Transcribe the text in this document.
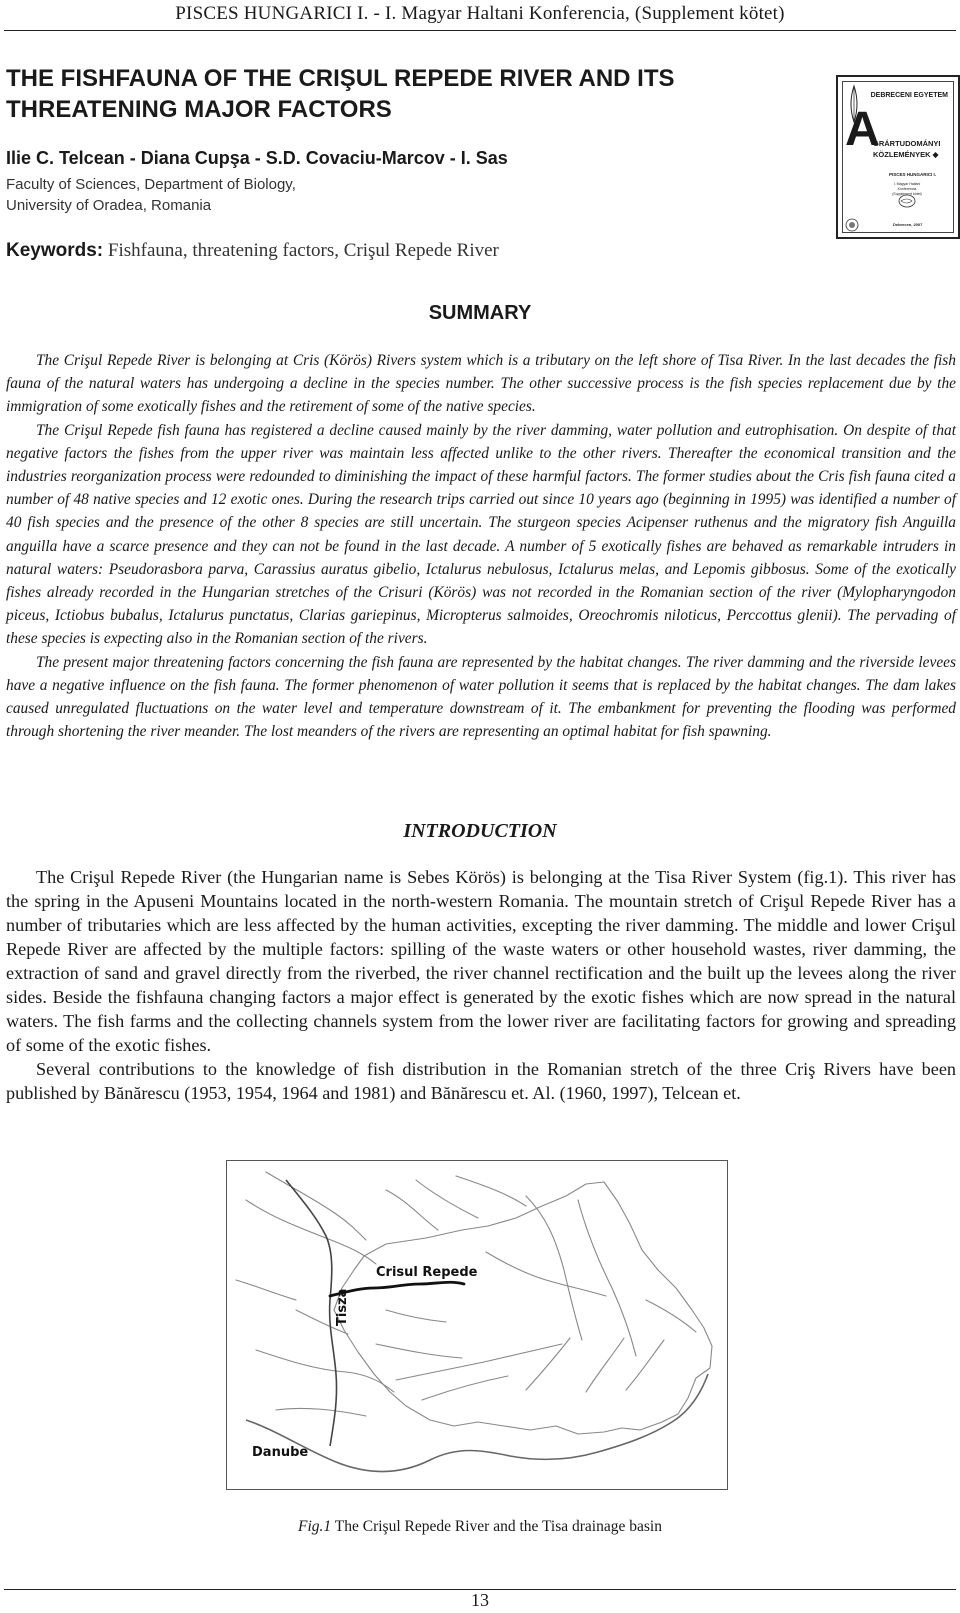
PISCES HUNGARICI I. - I. Magyar Haltani Konferencia, (Supplement kötet)
THE FISHFAUNA OF THE CRIŞUL REPEDE RIVER AND ITS THREATENING MAJOR FACTORS
Ilie C. Telcean - Diana Cupşa - S.D. Covaciu-Marcov - I. Sas
Faculty of Sciences, Department of Biology,
University of Oradea, Romania
Keywords: Fishfauna, threatening factors, Crişul Repede River
DEBRECENI EGYETEM
A
GRÁRTUDOMÁNYI
KÖZLEMÉNYEK ◆
PISCES HUNGARICI I.
I. Magyar Haltani Konferencia
(Supplement kötet)
Debrecen, 2007
SUMMARY

The Crişul Repede River is belonging at Cris (Körös) Rivers system which is a tributary on the left shore of Tisa River. In the last decades the fish fauna of the natural waters has undergoing a decline in the species number. The other successive process is the fish species replacement due by the immigration of some exotically fishes and the retirement of some of the native species.

The Crişul Repede fish fauna has registered a decline caused mainly by the river damming, water pollution and eutrophisation. On despite of that negative factors the fishes from the upper river was maintain less affected unlike to the other rivers. Thereafter the economical transition and the industries reorganization process were redounded to diminishing the impact of these harmful factors. The former studies about the Cris fish fauna cited a number of 48 native species and 12 exotic ones. During the research trips carried out since 10 years ago (beginning in 1995) was identified a number of 40 fish species and the presence of the other 8 species are still uncertain. The sturgeon species Acipenser ruthenus and the migratory fish Anguilla anguilla have a scarce presence and they can not be found in the last decade. A number of 5 exotically fishes are behaved as remarkable intruders in natural waters: Pseudorasbora parva, Carassius auratus gibelio, Ictalurus nebulosus, Ictalurus melas, and Lepomis gibbosus. Some of the exotically fishes already recorded in the Hungarian stretches of the Crisuri (Körös) was not recorded in the Romanian section of the river (Mylopharyngodon piceus, Ictiobus bubalus, Ictalurus punctatus, Clarias gariepinus, Micropterus salmoides, Oreochromis niloticus, Perccottus glenii). The pervading of these species is expecting also in the Romanian section of the rivers.

The present major threatening factors concerning the fish fauna are represented by the habitat changes. The river damming and the riverside levees have a negative influence on the fish fauna. The former phenomenon of water pollution it seems that is replaced by the habitat changes. The dam lakes caused unregulated fluctuations on the water level and temperature downstream of it. The embankment for preventing the flooding was performed through shortening the river meander. The lost meanders of the rivers are representing an optimal habitat for fish spawning.

INTRODUCTION

The Crişul Repede River (the Hungarian name is Sebes Körös) is belonging at the Tisa River System (fig.1). This river has the spring in the Apuseni Mountains located in the north-western Romania. The mountain stretch of Crişul Repede River has a number of tributaries which are less affected by the human activities, excepting the river damming. The middle and lower Crişul Repede River are affected by the multiple factors: spilling of the waste waters or other household wastes, river damming, the extraction of sand and gravel directly from the riverbed, the river channel rectification and the built up the levees along the river sides. Beside the fishfauna changing factors a major effect is generated by the exotic fishes which are now spread in the natural waters. The fish farms and the collecting channels system from the lower river are facilitating factors for growing and spreading of some of the exotic fishes.

Several contributions to the knowledge of fish distribution in the Romanian stretch of the three Criş Rivers have been published by Bănărescu (1953, 1954, 1964 and 1981) and Bănărescu et. Al. (1960, 1997), Telcean et.

Crisul Repede
Tisza
Danube
Fig.1 The Crişul Repede River and the Tisa drainage basin
13
